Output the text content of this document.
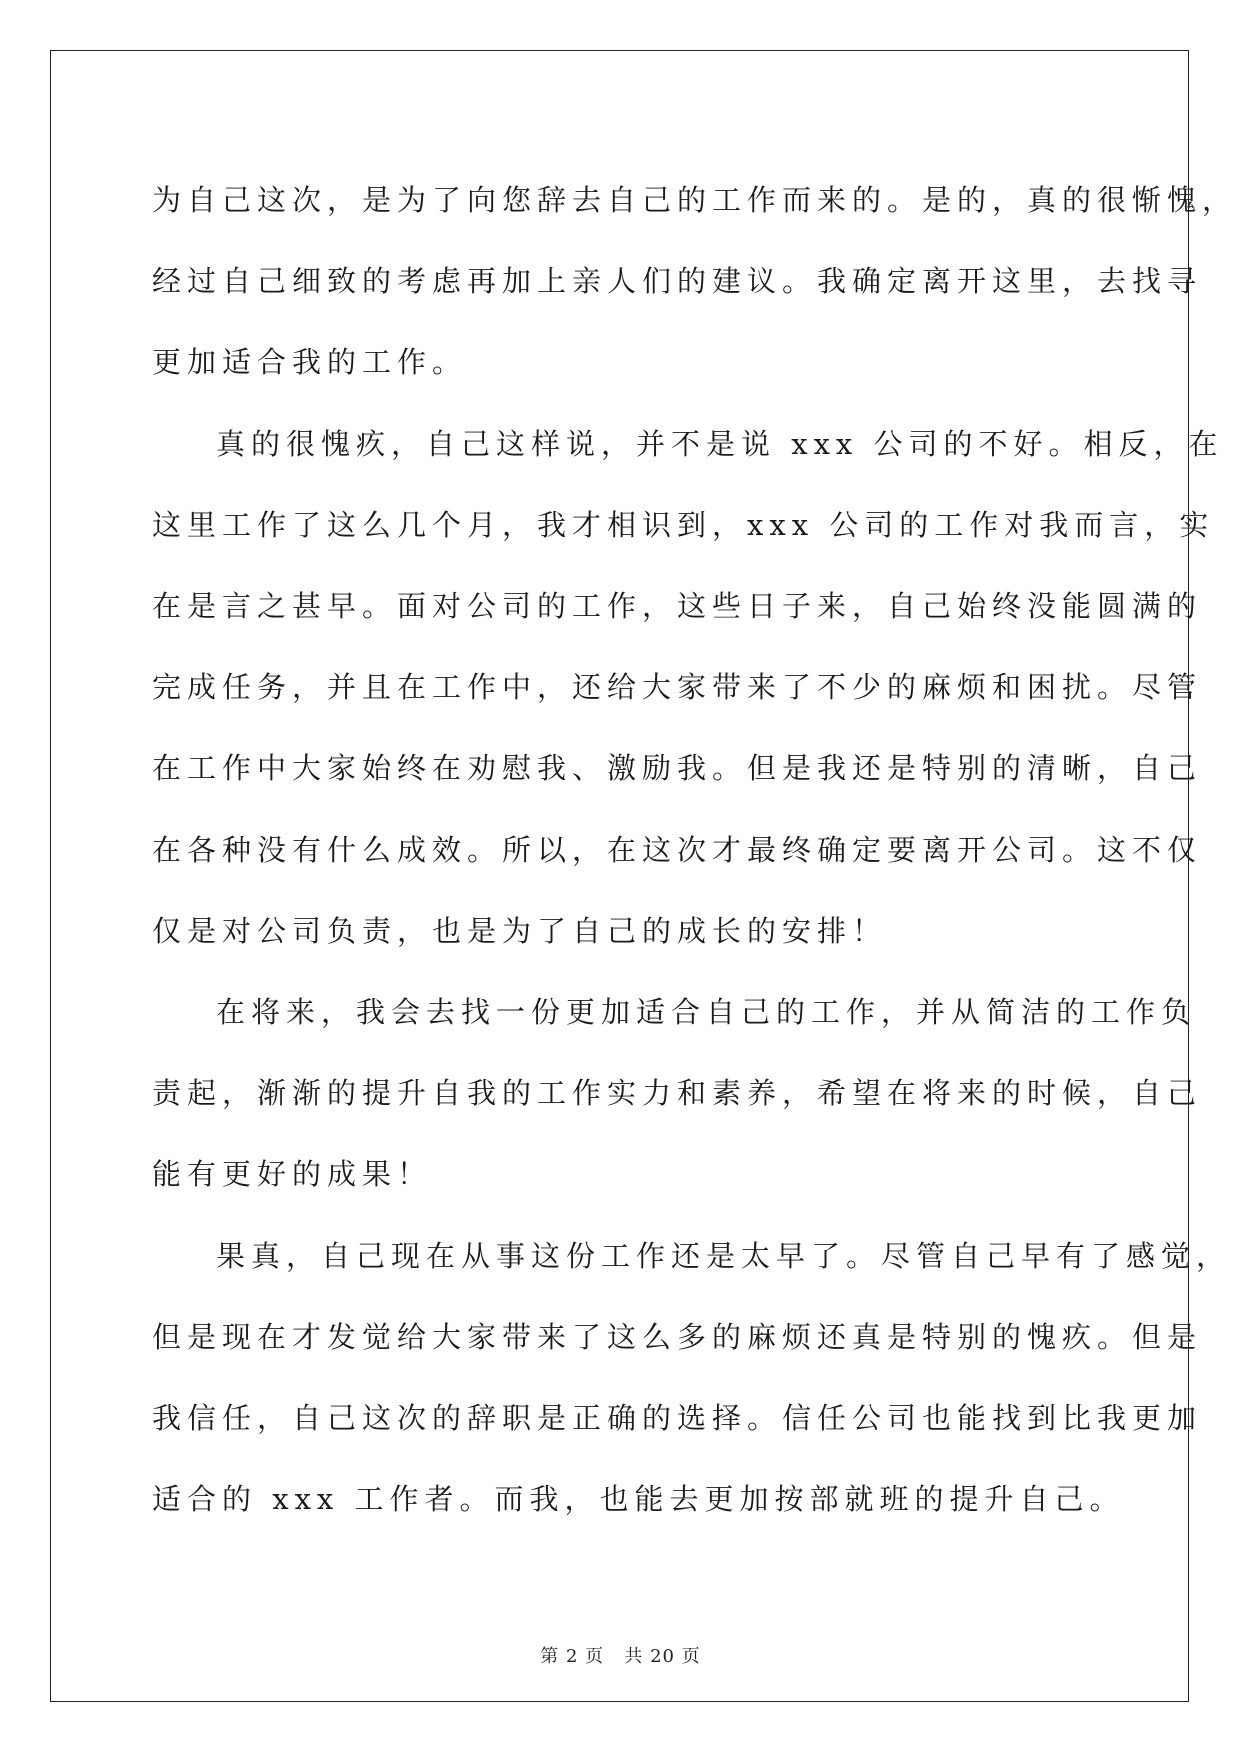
为自己这次，是为了向您辞去自己的工作而来的。是的，真的很惭愧，
经过自己细致的考虑再加上亲人们的建议。我确定离开这里，去找寻
更加适合我的工作。
真的很愧疚，自己这样说，并不是说 xxx 公司的不好。相反，在
这里工作了这么几个月，我才相识到，xxx 公司的工作对我而言，实
在是言之甚早。面对公司的工作，这些日子来，自己始终没能圆满的
完成任务，并且在工作中，还给大家带来了不少的麻烦和困扰。尽管
在工作中大家始终在劝慰我、激励我。但是我还是特别的清晰，自己
在各种没有什么成效。所以，在这次才最终确定要离开公司。这不仅
仅是对公司负责，也是为了自己的成长的安排！
在将来，我会去找一份更加适合自己的工作，并从简洁的工作负
责起，渐渐的提升自我的工作实力和素养，希望在将来的时候，自己
能有更好的成果！
果真，自己现在从事这份工作还是太早了。尽管自己早有了感觉，
但是现在才发觉给大家带来了这么多的麻烦还真是特别的愧疚。但是
我信任，自己这次的辞职是正确的选择。信任公司也能找到比我更加
适合的 xxx 工作者。而我，也能去更加按部就班的提升自己。
第 2 页 共 20 页
